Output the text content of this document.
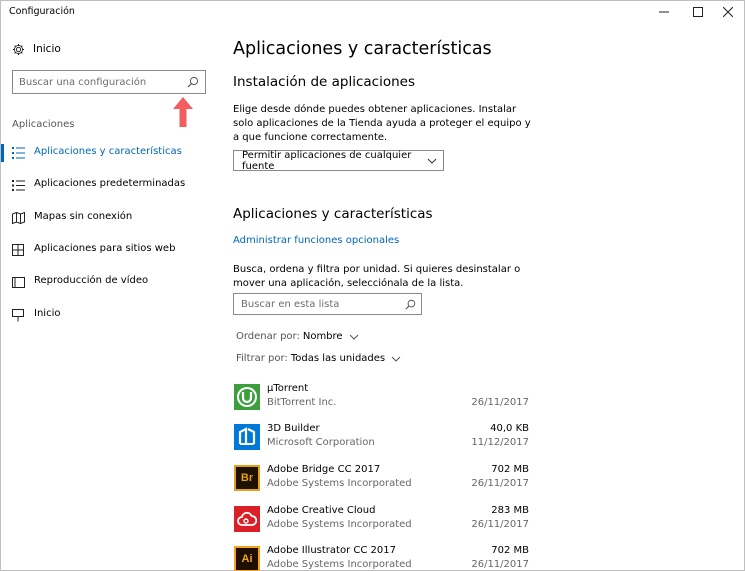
Configuración
Inicio
Buscar una configuración
Aplicaciones
Aplicaciones y características
Aplicaciones predeterminadas
Mapas sin conexión
Aplicaciones para sitios web
Reproducción de vídeo
Inicio
Aplicaciones y características
Instalación de aplicaciones
Elige desde dónde puedes obtener aplicaciones. Instalar solo aplicaciones de la Tienda ayuda a proteger el equipo y a que funcione correctamente.
Permitir aplicaciones de cualquier fuente
Aplicaciones y características
Administrar funciones opcionales
Busca, ordena y filtra por unidad. Si quieres desinstalar o mover una aplicación, selecciónala de la lista.
Buscar en esta lista
Ordenar por: Nombre
Filtrar por: Todas las unidades
µTorrent
BitTorrent Inc.	26/11/2017
3D Builder
Microsoft Corporation
40,0 KB
11/12/2017
Br
Adobe Bridge CC 2017
Adobe Systems Incorporated
702 MB
26/11/2017
Adobe Creative Cloud
Adobe Systems Incorporated
283 MB
26/11/2017
Ai
Adobe Illustrator CC 2017
Adobe Systems Incorporated
702 MB
26/11/2017
